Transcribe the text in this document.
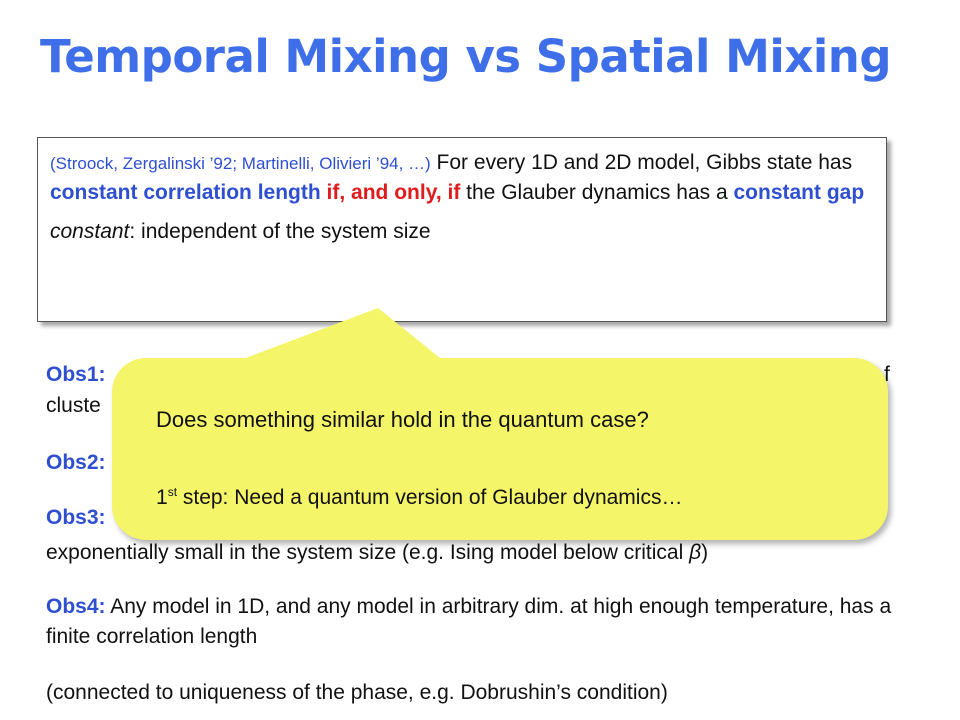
Temporal Mixing vs Spatial Mixing

(Stroock, Zergalinski ’92; Martinelli, Olivieri ’94, …) For every 1D and 2D model, Gibbs state has constant correlation length if, and only, if the Glauber dynamics has a constant gap

constant: independent of the system size

Obs1:	f
cluste
Obs2:
Obs3:
exponentially small in the system size (e.g. Ising model below critical β)
Obs4: Any model in 1D, and any model in arbitrary dim. at high enough temperature, has a finite correlation length
(connected to uniqueness of the phase, e.g. Dobrushin’s condition)
Does something similar hold in the quantum case?
1st step: Need a quantum version of Glauber dynamics…
